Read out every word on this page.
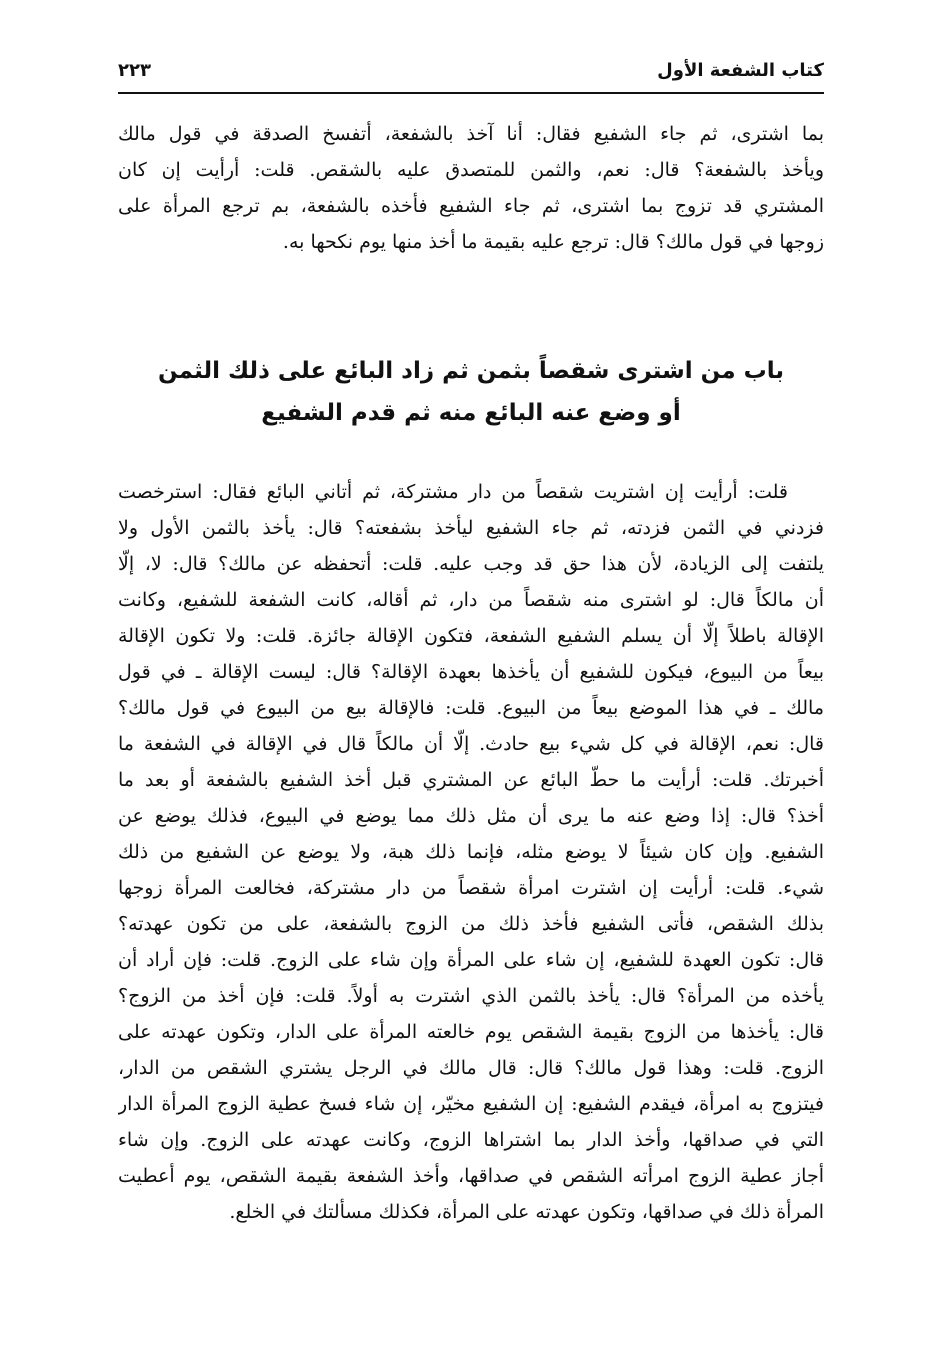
كتاب الشفعة الأول
٢٢٣
بما اشترى، ثم جاء الشفيع فقال: أنا آخذ بالشفعة، أتفسخ الصدقة في قول مالك
ويأخذ بالشفعة؟ قال: نعم، والثمن للمتصدق عليه بالشقص. قلت: أرأيت إن كان
المشتري قد تزوج بما اشترى، ثم جاء الشفيع فأخذه بالشفعة، بم ترجع المرأة على
زوجها في قول مالك؟ قال: ترجع عليه بقيمة ما أخذ منها يوم نكحها به.
باب من اشترى شقصاً بثمن ثم زاد البائع على ذلك الثمن
أو وضع عنه البائع منه ثم قدم الشفيع
قلت: أرأيت إن اشتريت شقصاً من دار مشتركة، ثم أتاني البائع فقال: استرخصت
فزدني في الثمن فزدته، ثم جاء الشفيع ليأخذ بشفعته؟ قال: يأخذ بالثمن الأول ولا
يلتفت إلى الزيادة، لأن هذا حق قد وجب عليه. قلت: أتحفظه عن مالك؟ قال: لا، إلّا
أن مالكاً قال: لو اشترى منه شقصاً من دار، ثم أقاله، كانت الشفعة للشفيع، وكانت
الإقالة باطلاً إلّا أن يسلم الشفيع الشفعة، فتكون الإقالة جائزة. قلت: ولا تكون الإقالة
بيعاً من البيوع، فيكون للشفيع أن يأخذها بعهدة الإقالة؟ قال: ليست الإقالة ـ في قول
مالك ـ في هذا الموضع بيعاً من البيوع. قلت: فالإقالة بيع من البيوع في قول مالك؟
قال: نعم، الإقالة في كل شيء بيع حادث. إلّا أن مالكاً قال في الإقالة في الشفعة ما
أخبرتك. قلت: أرأيت ما حطّ البائع عن المشتري قبل أخذ الشفيع بالشفعة أو بعد ما
أخذ؟ قال: إذا وضع عنه ما يرى أن مثل ذلك مما يوضع في البيوع، فذلك يوضع عن
الشفيع. وإن كان شيئاً لا يوضع مثله، فإنما ذلك هبة، ولا يوضع عن الشفيع من ذلك
شيء. قلت: أرأيت إن اشترت امرأة شقصاً من دار مشتركة، فخالعت المرأة زوجها
بذلك الشقص، فأتى الشفيع فأخذ ذلك من الزوج بالشفعة، على من تكون عهدته؟
قال: تكون العهدة للشفيع، إن شاء على المرأة وإن شاء على الزوج. قلت: فإن أراد أن
يأخذه من المرأة؟ قال: يأخذ بالثمن الذي اشترت به أولاً. قلت: فإن أخذ من الزوج؟
قال: يأخذها من الزوج بقيمة الشقص يوم خالعته المرأة على الدار، وتكون عهدته على
الزوج. قلت: وهذا قول مالك؟ قال: قال مالك في الرجل يشتري الشقص من الدار،
فيتزوج به امرأة، فيقدم الشفيع: إن الشفيع مخيّر، إن شاء فسخ عطية الزوج المرأة الدار
التي في صداقها، وأخذ الدار بما اشتراها الزوج، وكانت عهدته على الزوج. وإن شاء
أجاز عطية الزوج امرأته الشقص في صداقها، وأخذ الشفعة بقيمة الشقص، يوم أعطيت
المرأة ذلك في صداقها، وتكون عهدته على المرأة، فكذلك مسألتك في الخلع.
